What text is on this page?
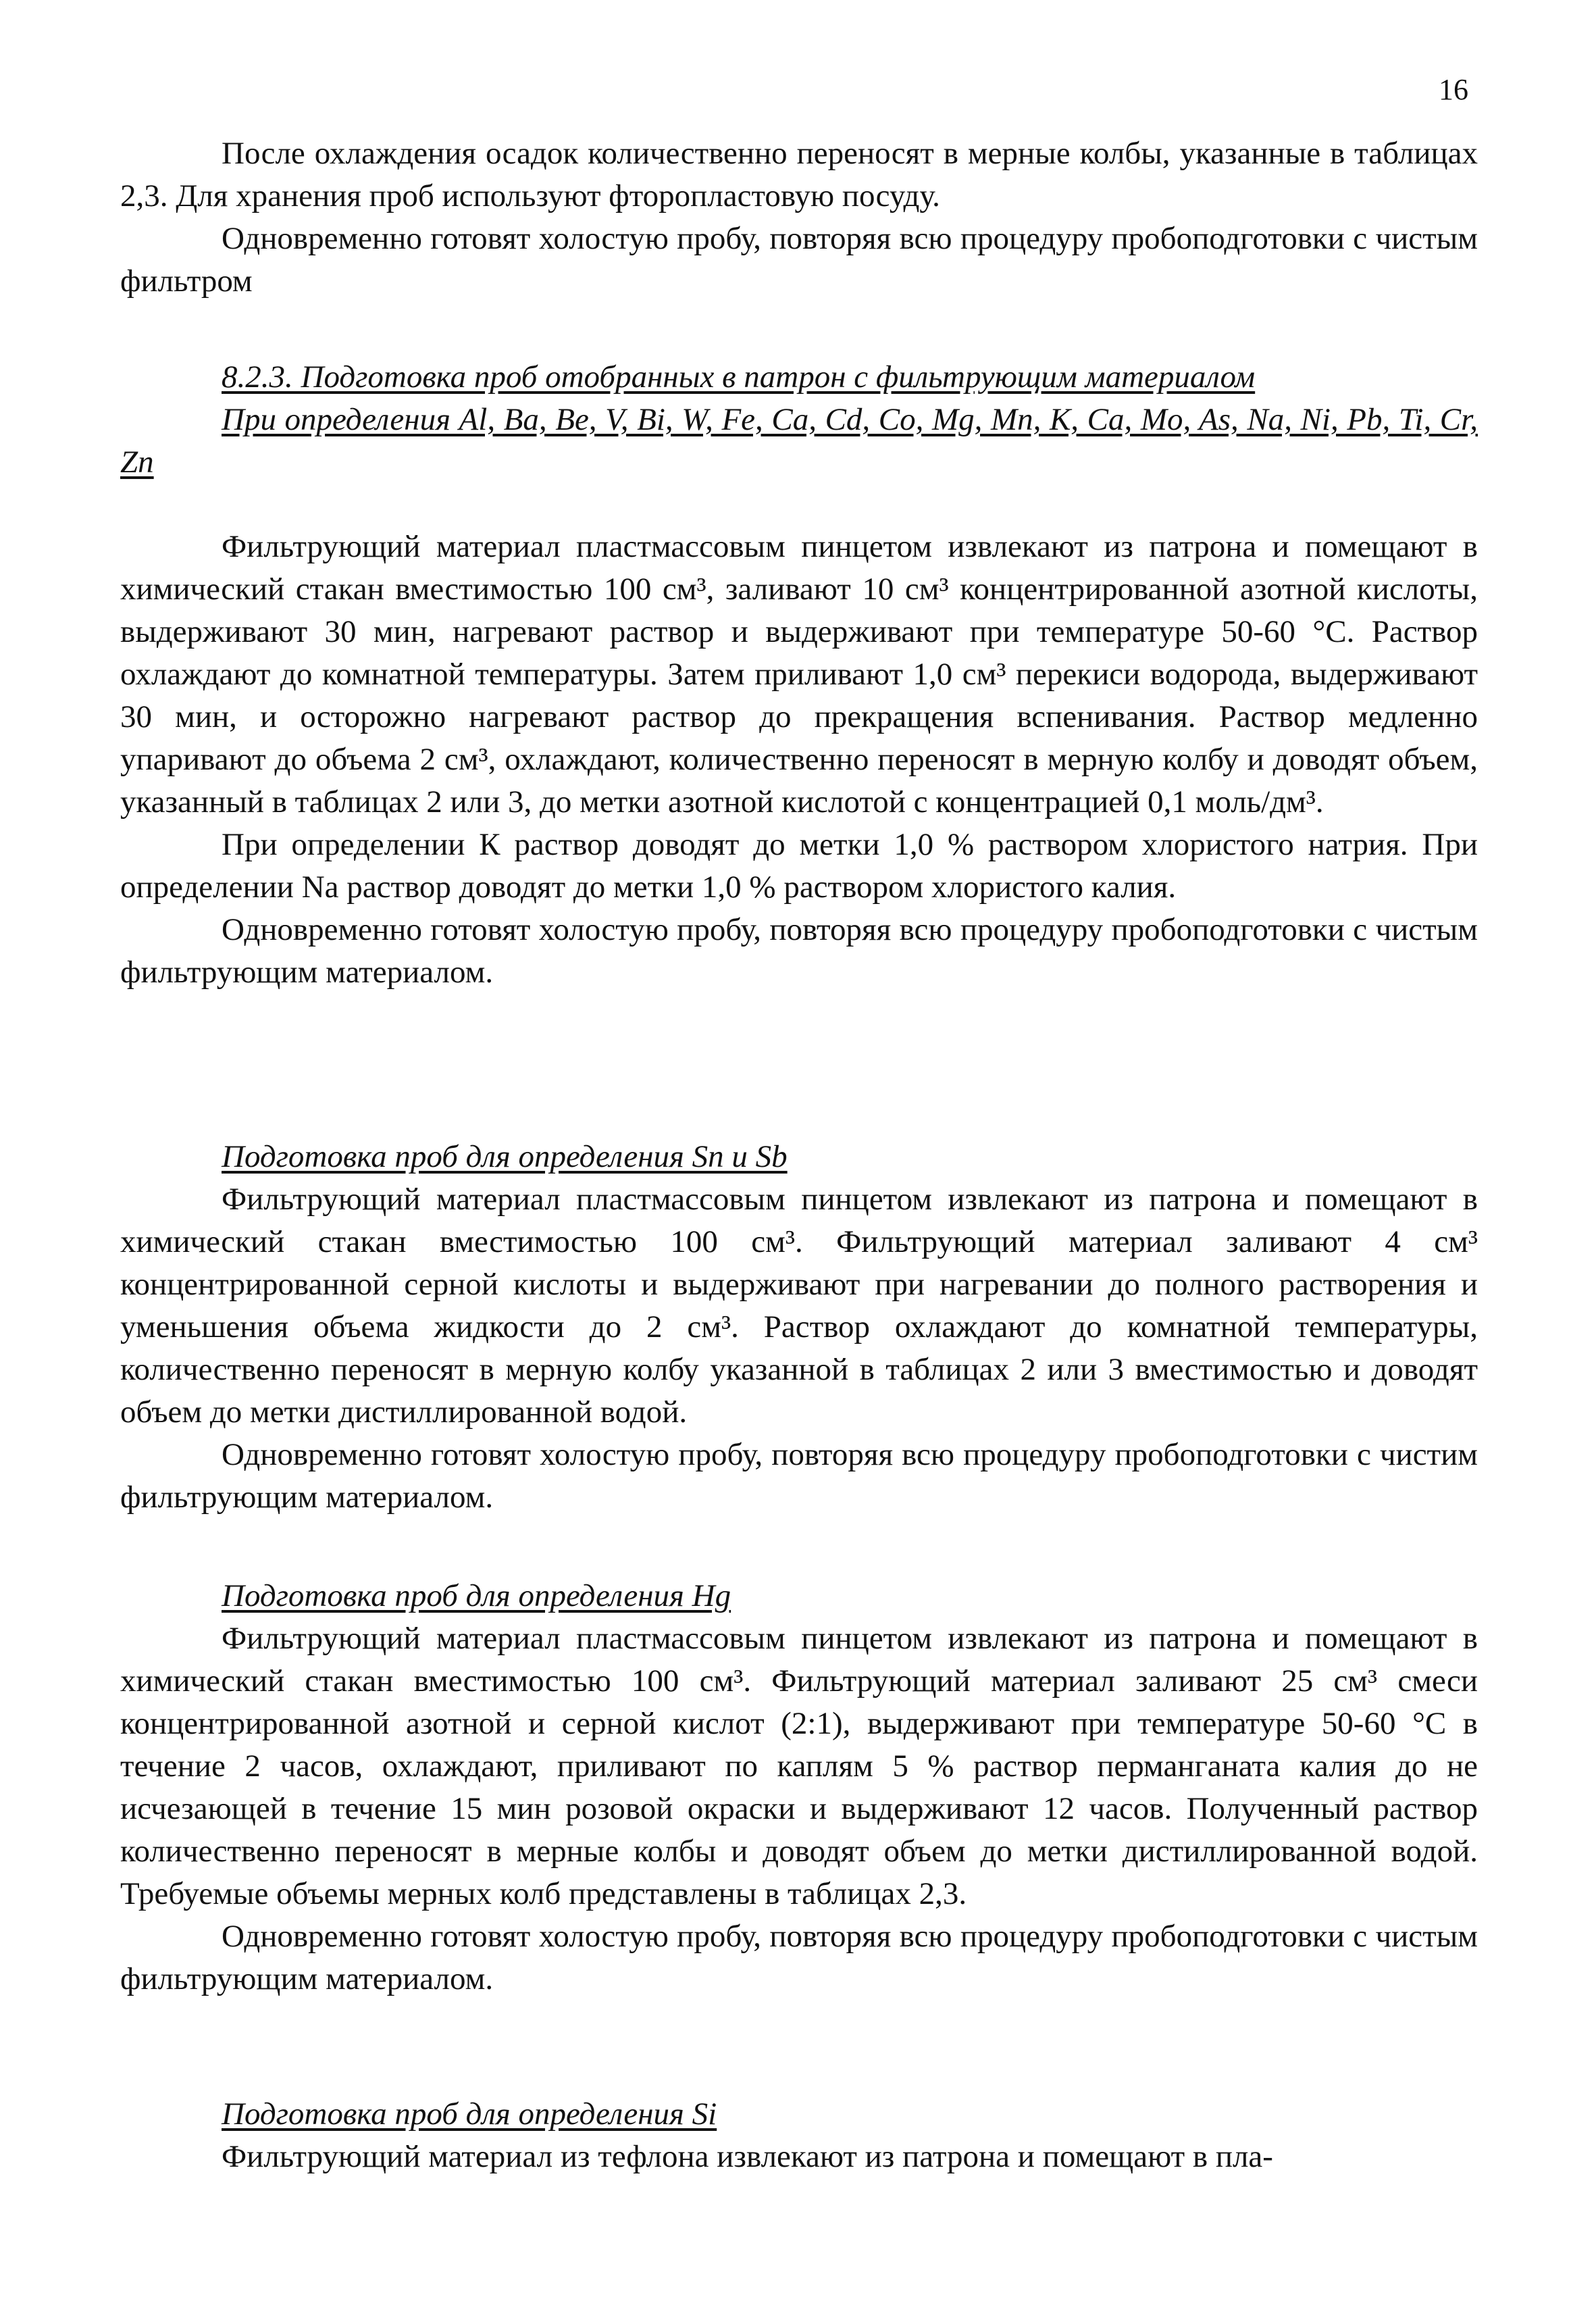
16

После охлаждения осадок количественно переносят в мерные колбы, указанные в таблицах 2,3. Для хранения проб используют фторопластовую посуду.

Одновременно готовят холостую пробу, повторяя всю процедуру пробоподготовки с чистым фильтром

8.2.3. Подготовка проб отобранных в патрон с фильтрующим материалом

При определения Al, Ba, Be, V, Bi, W, Fe, Ca, Cd, Co, Mg, Mn, K, Ca, Mo, As, Na, Ni, Pb, Ti, Cr, Zn

Фильтрующий материал пластмассовым пинцетом извлекают из патрона и помещают в химический стакан вместимостью 100 см³, заливают 10 см³ концентрированной азотной кислоты, выдерживают 30 мин, нагревают раствор и выдерживают при температуре 50-60 °С. Раствор охлаждают до комнатной температуры. Затем приливают 1,0 см³ перекиси водорода, выдерживают 30 мин, и осторожно нагревают раствор до прекращения вспенивания. Раствор медленно упаривают до объема 2 см³, охлаждают, количественно переносят в мерную колбу и доводят объем, указанный в таблицах 2 или 3, до метки азотной кислотой с концентрацией 0,1 моль/дм³.

При определении К раствор доводят до метки 1,0 % раствором хлористого натрия. При определении Na раствор доводят до метки 1,0 % раствором хлористого калия.

Одновременно готовят холостую пробу, повторяя всю процедуру пробоподготовки с чистым фильтрующим материалом.

Подготовка проб для определения Sn и Sb

Фильтрующий материал пластмассовым пинцетом извлекают из патрона и помещают в химический стакан вместимостью 100 см³. Фильтрующий материал заливают 4 см³ концентрированной серной кислоты и выдерживают при нагревании до полного растворения и уменьшения объема жидкости до 2 см³. Раствор охлаждают до комнатной температуры, количественно переносят в мерную колбу указанной в таблицах 2 или 3 вместимостью и доводят объем до метки дистиллированной водой.

Одновременно готовят холостую пробу, повторяя всю процедуру пробоподготовки с чистим фильтрующим материалом.

Подготовка проб для определения Hg

Фильтрующий материал пластмассовым пинцетом извлекают из патрона и помещают в химический стакан вместимостью 100 см³. Фильтрующий материал заливают 25 см³ смеси концентрированной азотной и серной кислот (2:1), выдерживают при температуре 50-60 °С в течение 2 часов, охлаждают, приливают по каплям 5 % раствор перманганата калия до не исчезающей в течение 15 мин розовой окраски и выдерживают 12 часов. Полученный раствор количественно переносят в мерные колбы и доводят объем до метки дистиллированной водой. Требуемые объемы мерных колб представлены в таблицах 2,3.

Одновременно готовят холостую пробу, повторяя всю процедуру пробоподготовки с чистым фильтрующим материалом.

Подготовка проб для определения Si

Фильтрующий материал из тефлона извлекают из патрона и помещают в пла-
